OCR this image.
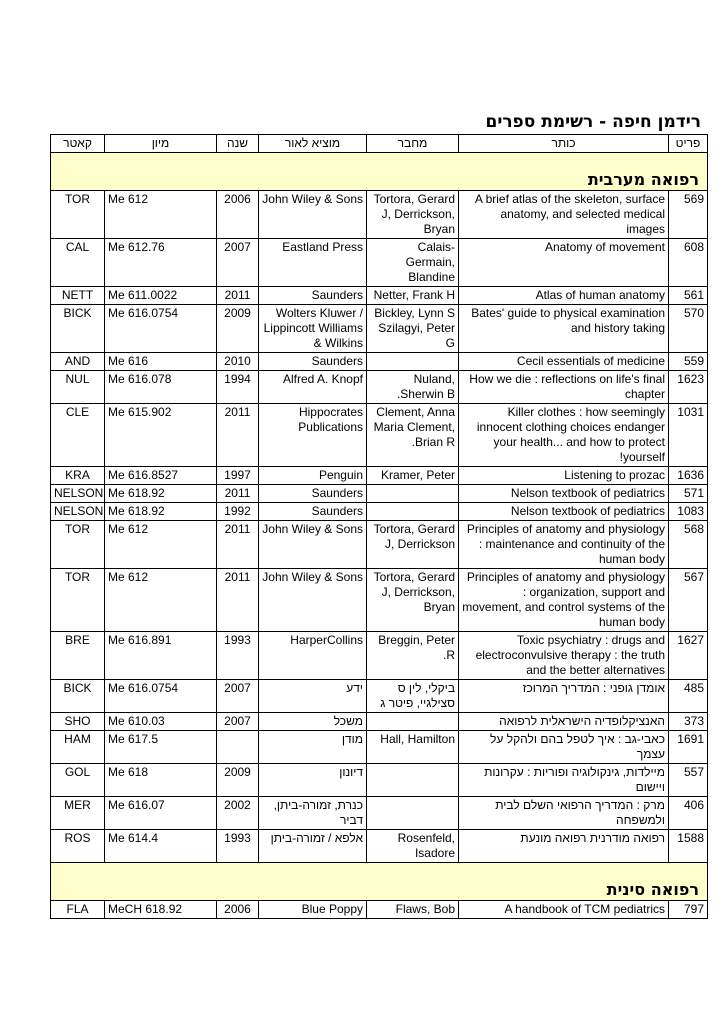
רידמן חיפה - רשימת ספרים
קאטר	מיון	שנה	מוציא לאור	מחבר	כותר	פריט
רפואה מערבית						
TOR	Me 612	2006	John Wiley & Sons	Tortora, Gerard J, Derrickson, Bryan	A brief atlas of the skeleton, surface anatomy, and selected medical images	569
CAL	Me 612.76	2007	Eastland Press	Calais-Germain, Blandine	Anatomy of movement	608
NETT	Me 611.0022	2011	Saunders	Netter, Frank H	Atlas of human anatomy	561
BICK	Me 616.0754	2009	Wolters Kluwer / Lippincott Williams & Wilkins	Bickley, Lynn S Szilagyi, Peter G	Bates' guide to physical examination and history taking	570
AND	Me 616	2010	Saunders		Cecil essentials of medicine	559
NUL	Me 616.078	1994	Alfred A. Knopf	Nuland, Sherwin B.	How we die : reflections on life's final chapter	1623
CLE	Me 615.902	2011	Hippocrates Publications	Clement, Anna Maria Clement, Brian R.	Killer clothes : how seemingly innocent clothing choices endanger your health... and how to protect yourself!	1031
KRA	Me 616.8527	1997	Penguin	Kramer, Peter	Listening to prozac	1636
NELSON	Me 618.92	2011	Saunders		Nelson textbook of pediatrics	571
NELSON	Me 618.92	1992	Saunders		Nelson textbook of pediatrics	1083
TOR	Me 612	2011	John Wiley & Sons	Tortora, Gerard J, Derrickson	Principles of anatomy and physiology : maintenance and continuity of the human body	568
TOR	Me 612	2011	John Wiley & Sons	Tortora, Gerard J, Derrickson, Bryan	Principles of anatomy and physiology : organization, support and movement, and control systems of the human body	567
BRE	Me 616.891	1993	HarperCollins	Breggin, Peter R.	Toxic psychiatry : drugs and electroconvulsive therapy : the truth and the better alternatives	1627
BICK	Me 616.0754	2007	ידע	ביקלי, לין ס סצילגיי, פיטר ג	אומדן גופני : המדריך המרוכז	485
SHO	Me 610.03	2007	משכל		האנציקלופדיה הישראלית לרפואה	373
HAM	Me 617.5		מודן	Hall, Hamilton	כאבי-גב : איך לטפל בהם ולהקל על עצמך	1691
GOL	Me 618	2009	דיונון		מיילדות, גינקולוגיה ופוריות : עקרונות ויישום	557
MER	Me 616.07	2002	כנרת, זמורה-ביתן, דביר		מרק : המדריך הרפואי השלם לבית ולמשפחה	406
ROS	Me 614.4	1993	אלפא / זמורה-ביתן	Rosenfeld, Isadore	רפואה מודרנית רפואה מונעת	1588
רפואה סינית						
FLA	MeCH 618.92	2006	Blue Poppy	Flaws, Bob	A handbook of TCM pediatrics	797
